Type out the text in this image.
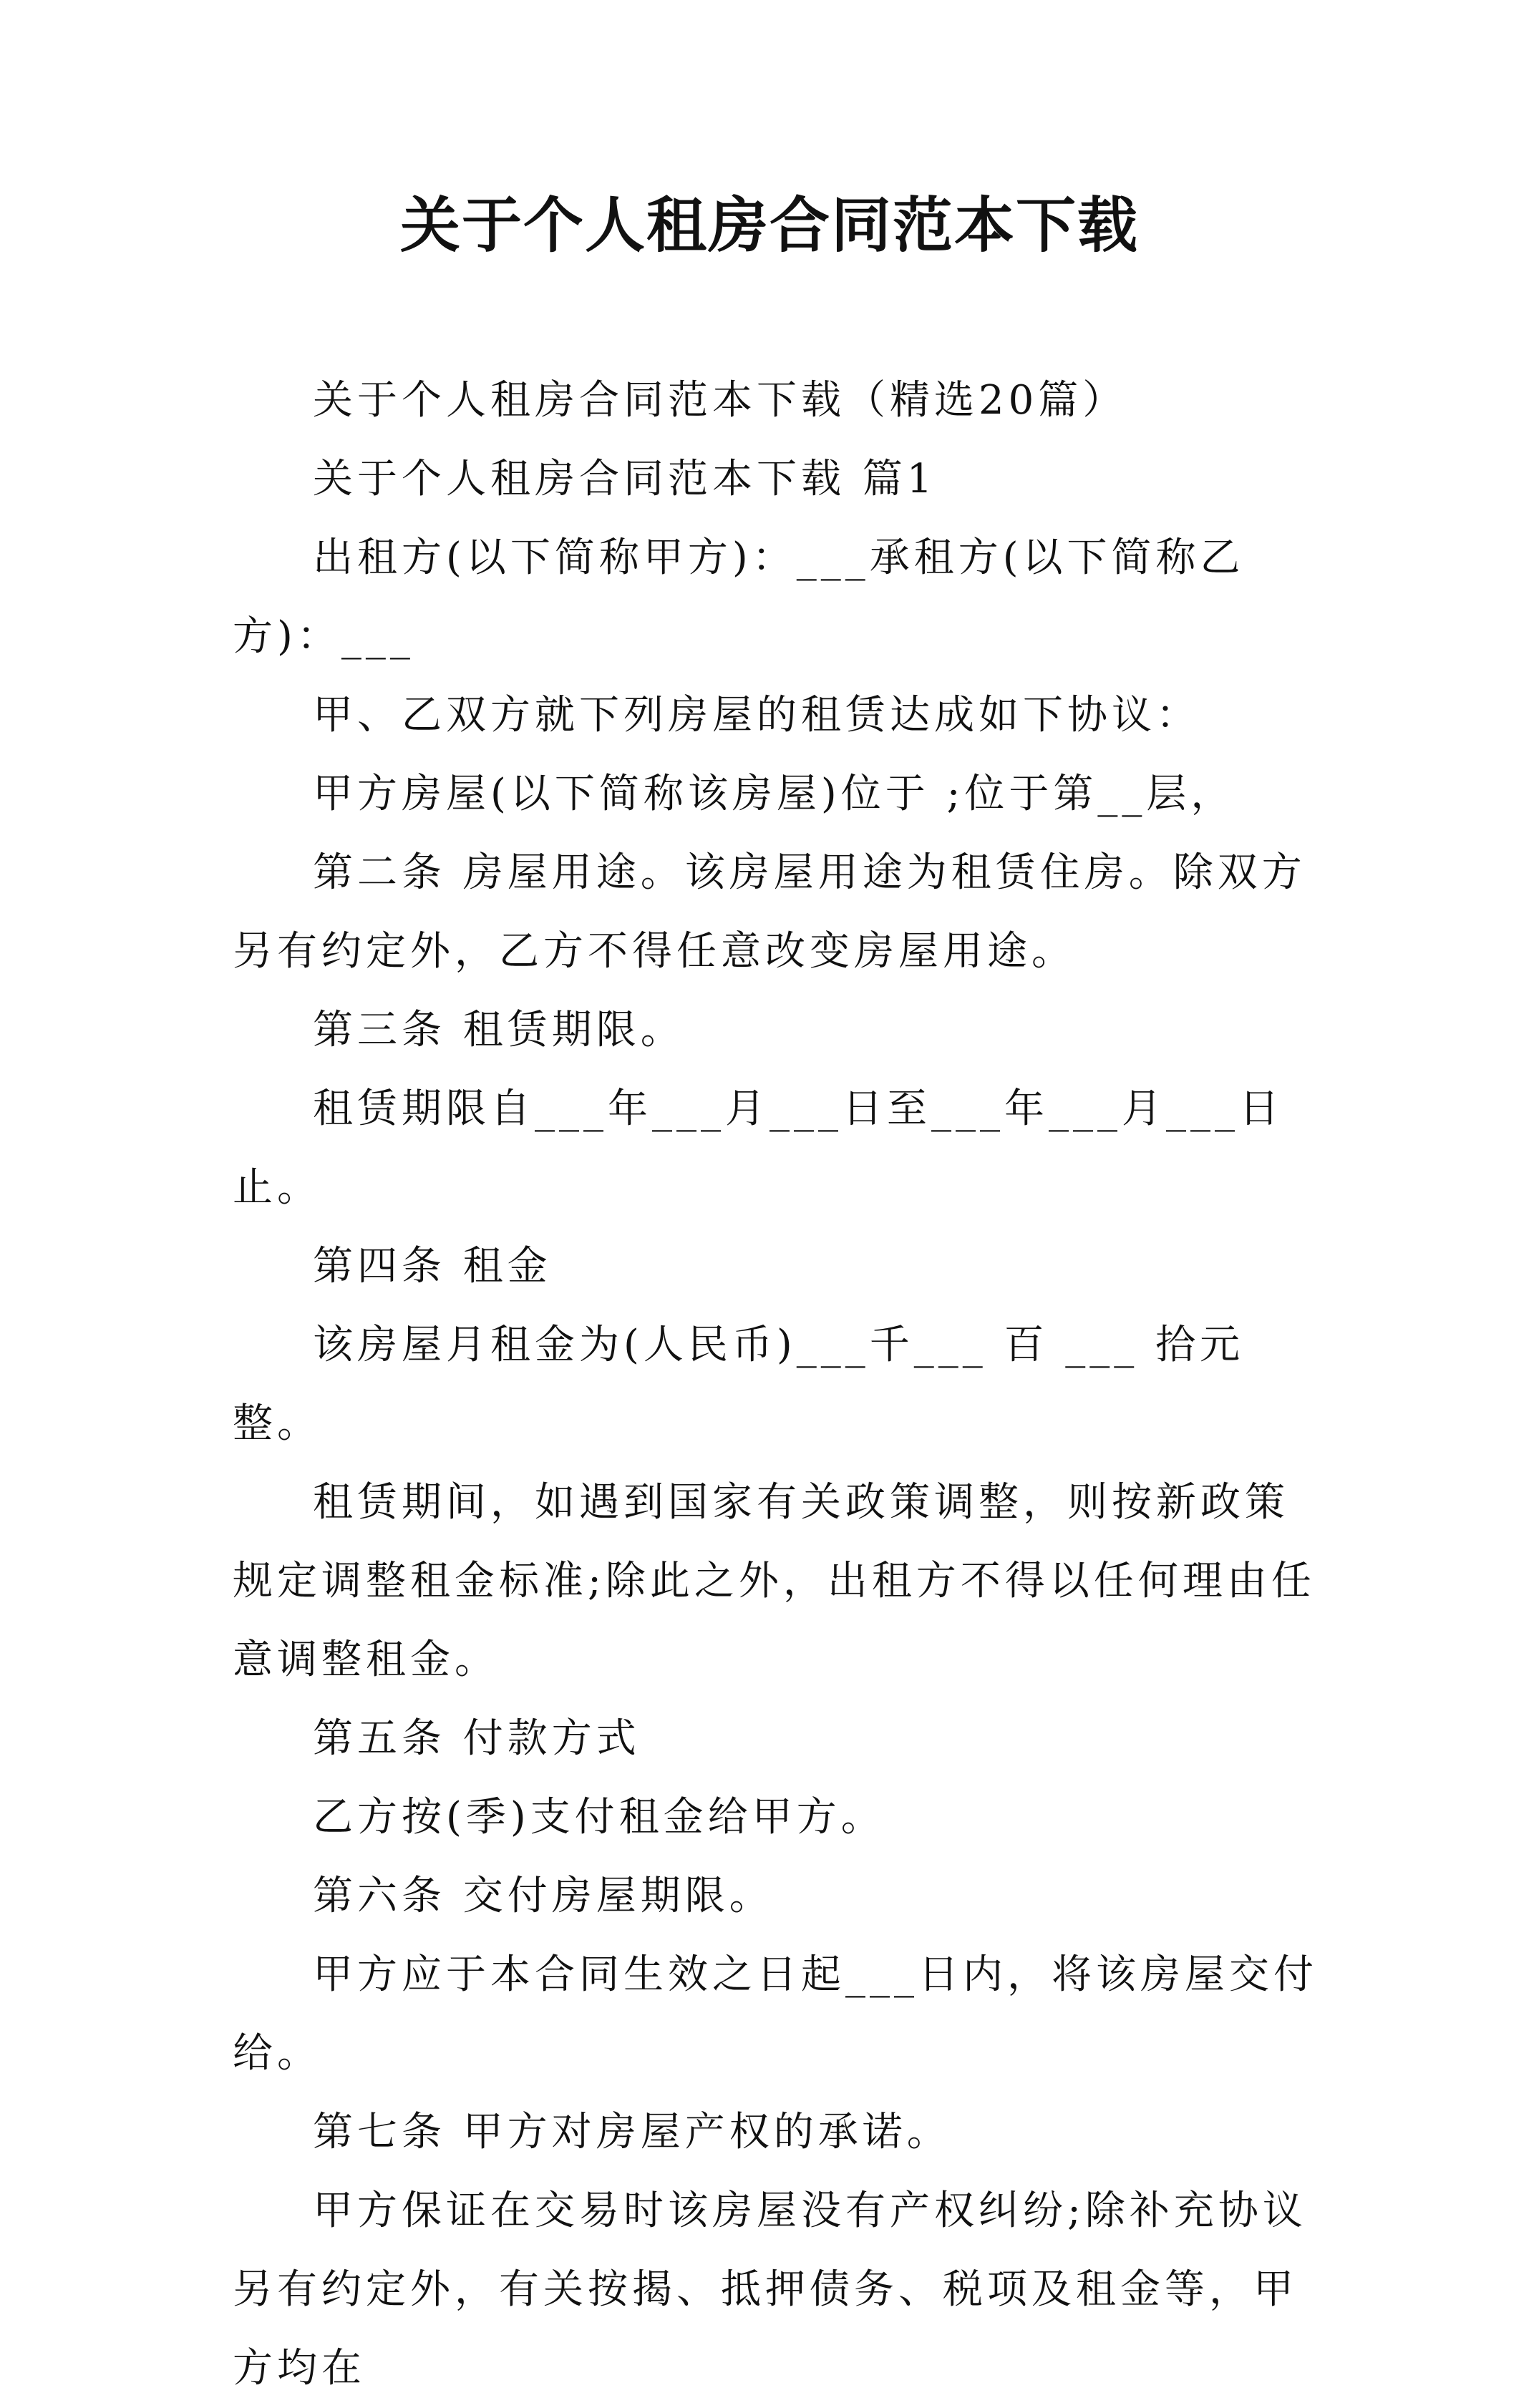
关于个人租房合同范本下载

关于个人租房合同范本下载（精选20篇）

关于个人租房合同范本下载 篇1

出租方(以下简称甲方)：___承租方(以下简称乙方)：___

甲、乙双方就下列房屋的租赁达成如下协议：

甲方房屋(以下简称该房屋)位于 ;位于第__层，

第二条 房屋用途。该房屋用途为租赁住房。除双方另有约定外，乙方不得任意改变房屋用途。

第三条 租赁期限。

租赁期限自___年___月___日至___年___月___日止。

第四条 租金

该房屋月租金为(人民币)___千___ 百 ___ 拾元整。

租赁期间，如遇到国家有关政策调整，则按新政策规定调整租金标准;除此之外，出租方不得以任何理由任意调整租金。

第五条 付款方式

乙方按(季)支付租金给甲方。

第六条 交付房屋期限。

甲方应于本合同生效之日起___日内，将该房屋交付给。

第七条 甲方对房屋产权的承诺。

甲方保证在交易时该房屋没有产权纠纷;除补充协议另有约定外，有关按揭、抵押债务、税项及租金等，甲方均在
